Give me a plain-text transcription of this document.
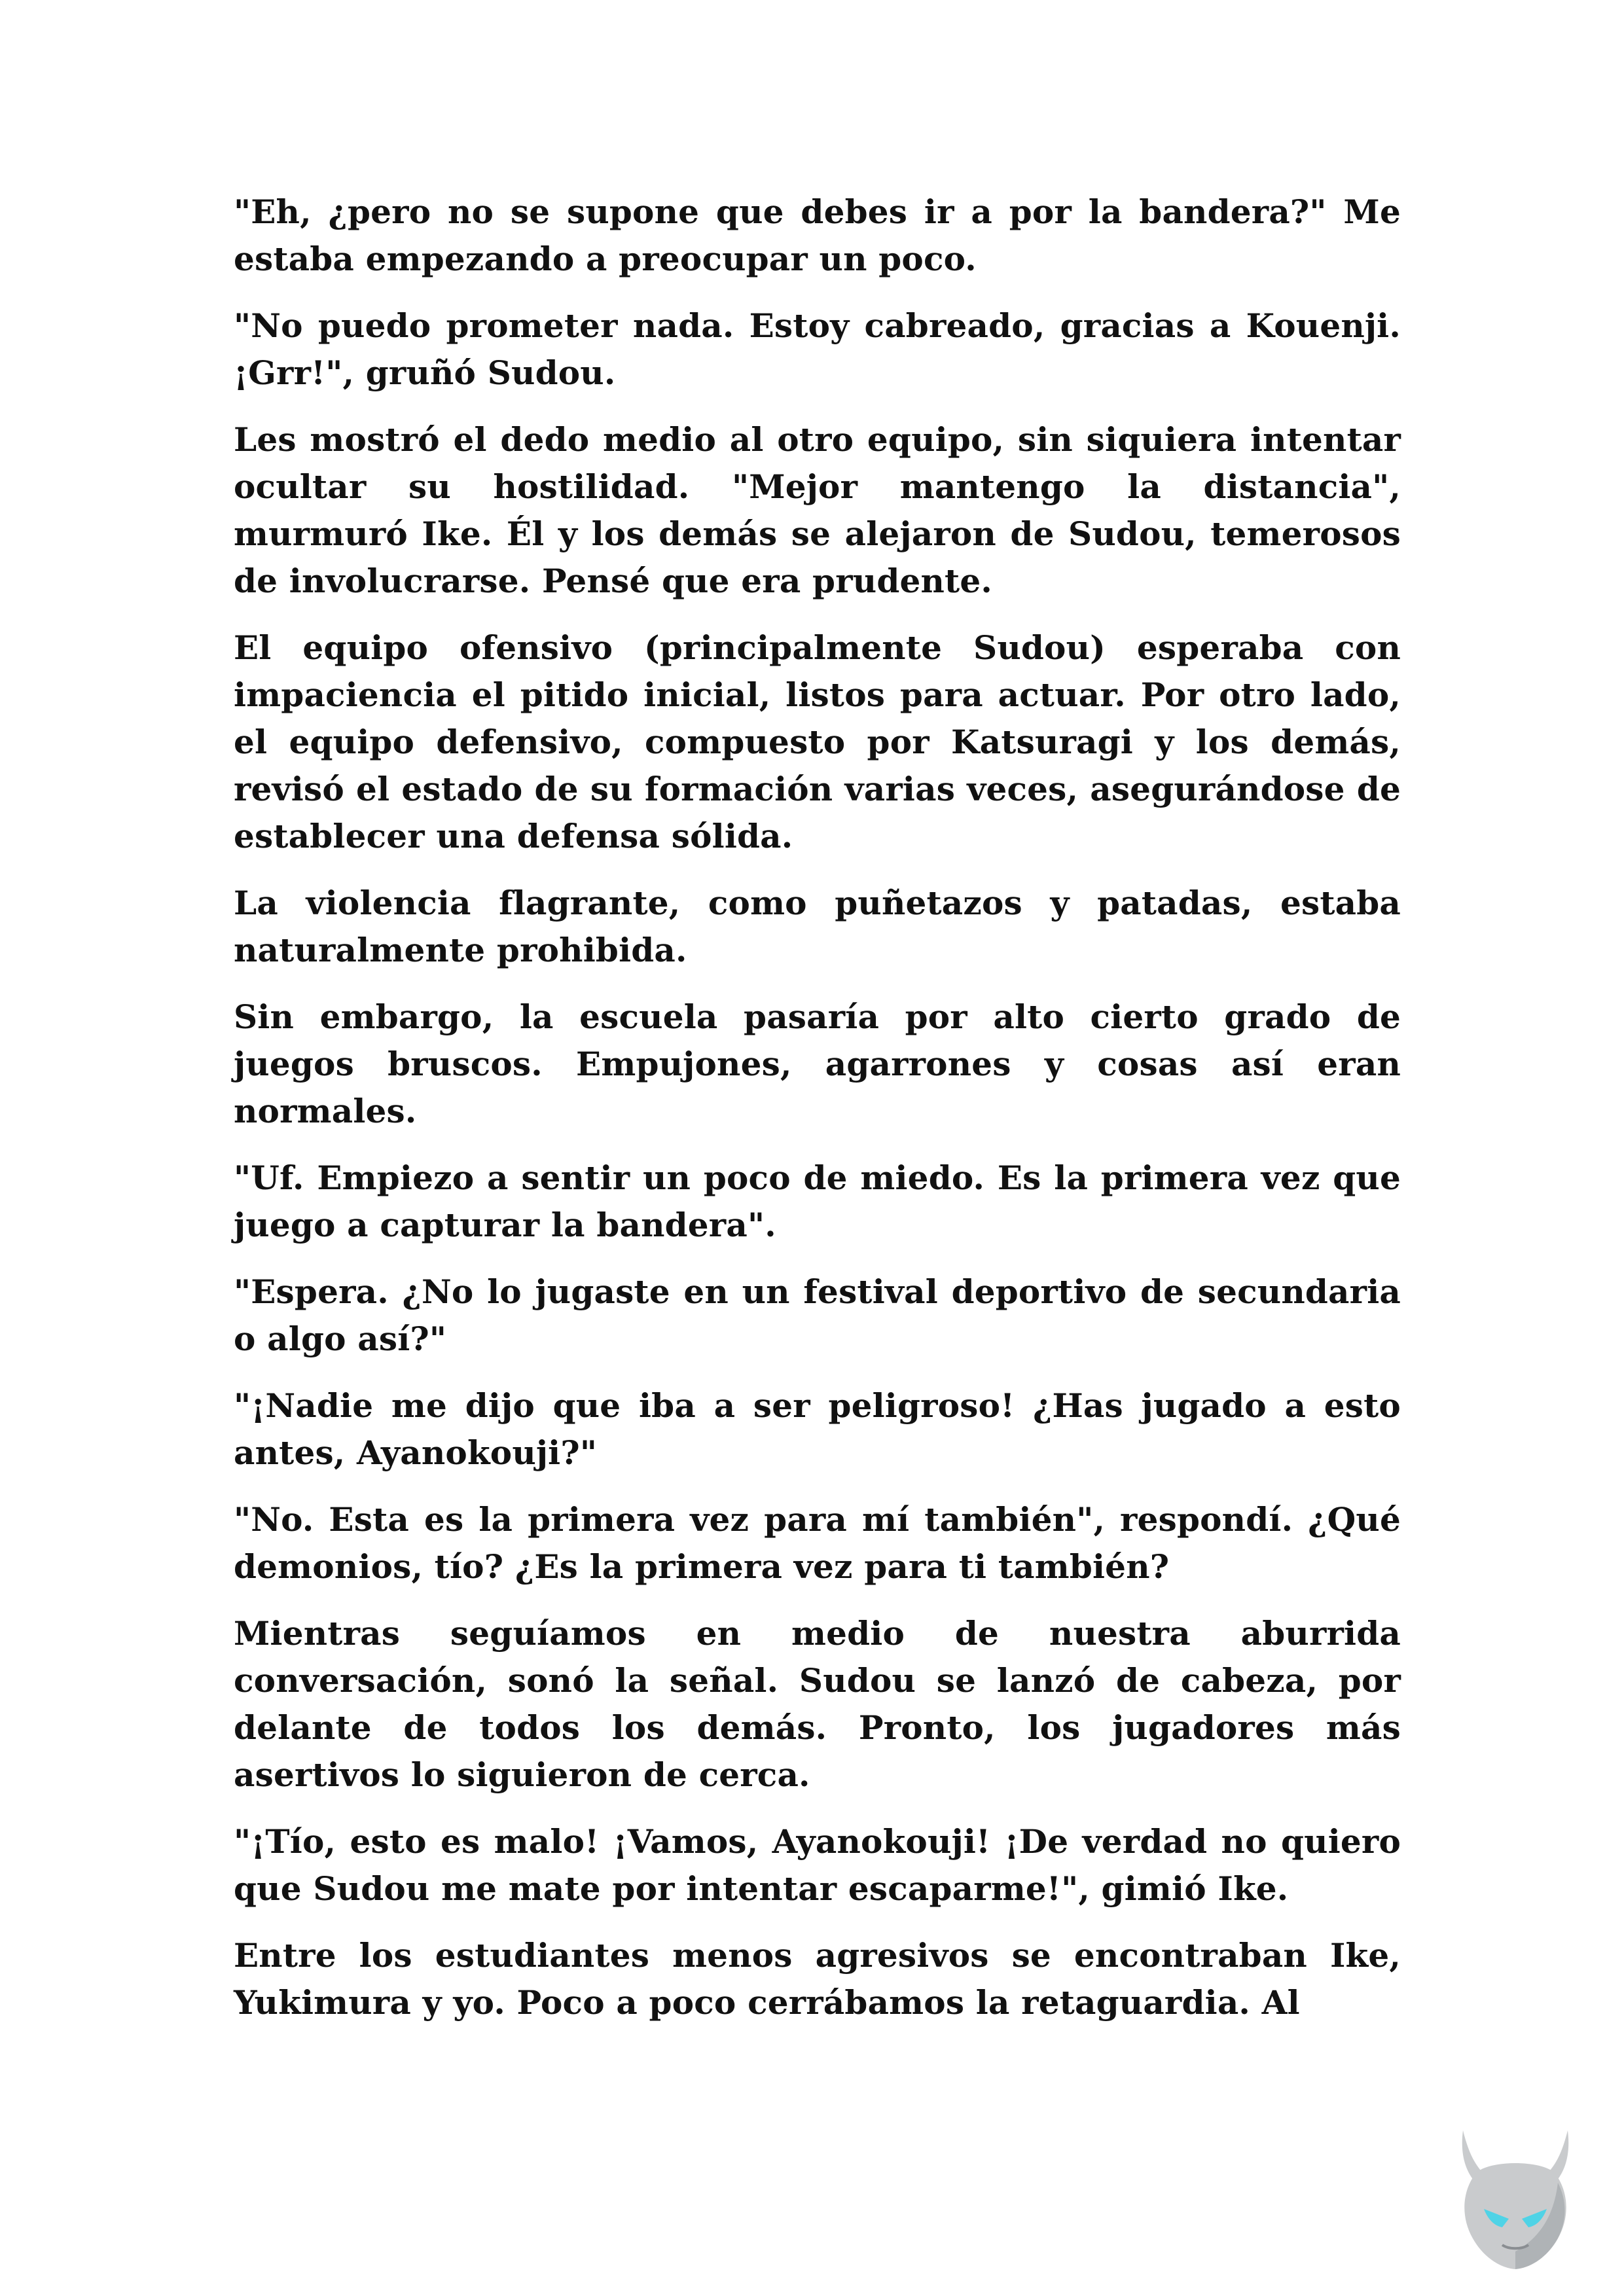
"Eh, ¿pero no se supone que debes ir a por la bandera?" Me estaba empezando a preocupar un poco.

"No puedo prometer nada. Estoy cabreado, gracias a Kouenji. ¡Grr!", gruñó Sudou.

Les mostró el dedo medio al otro equipo, sin siquiera intentar ocultar su hostilidad. "Mejor mantengo la distancia", murmuró Ike. Él y los demás se alejaron de Sudou, temerosos de involucrarse. Pensé que era prudente.

El equipo ofensivo (principalmente Sudou) esperaba con impaciencia el pitido inicial, listos para actuar. Por otro lado, el equipo defensivo, compuesto por Katsuragi y los demás, revisó el estado de su formación varias veces, asegurándose de establecer una defensa sólida.

La violencia flagrante, como puñetazos y patadas, estaba naturalmente prohibida.

Sin embargo, la escuela pasaría por alto cierto grado de juegos bruscos. Empujones, agarrones y cosas así eran normales.

"Uf. Empiezo a sentir un poco de miedo. Es la primera vez que juego a capturar la bandera".

"Espera. ¿No lo jugaste en un festival deportivo de secundaria o algo así?"

"¡Nadie me dijo que iba a ser peligroso! ¿Has jugado a esto antes, Ayanokouji?"

"No. Esta es la primera vez para mí también", respondí. ¿Qué demonios, tío? ¿Es la primera vez para ti también?

Mientras seguíamos en medio de nuestra aburrida conversación, sonó la señal. Sudou se lanzó de cabeza, por delante de todos los demás. Pronto, los jugadores más asertivos lo siguieron de cerca.

"¡Tío, esto es malo! ¡Vamos, Ayanokouji! ¡De verdad no quiero que Sudou me mate por intentar escaparme!", gimió Ike.

Entre los estudiantes menos agresivos se encontraban Ike, Yukimura y yo. Poco a poco cerrábamos la retaguardia. Al
